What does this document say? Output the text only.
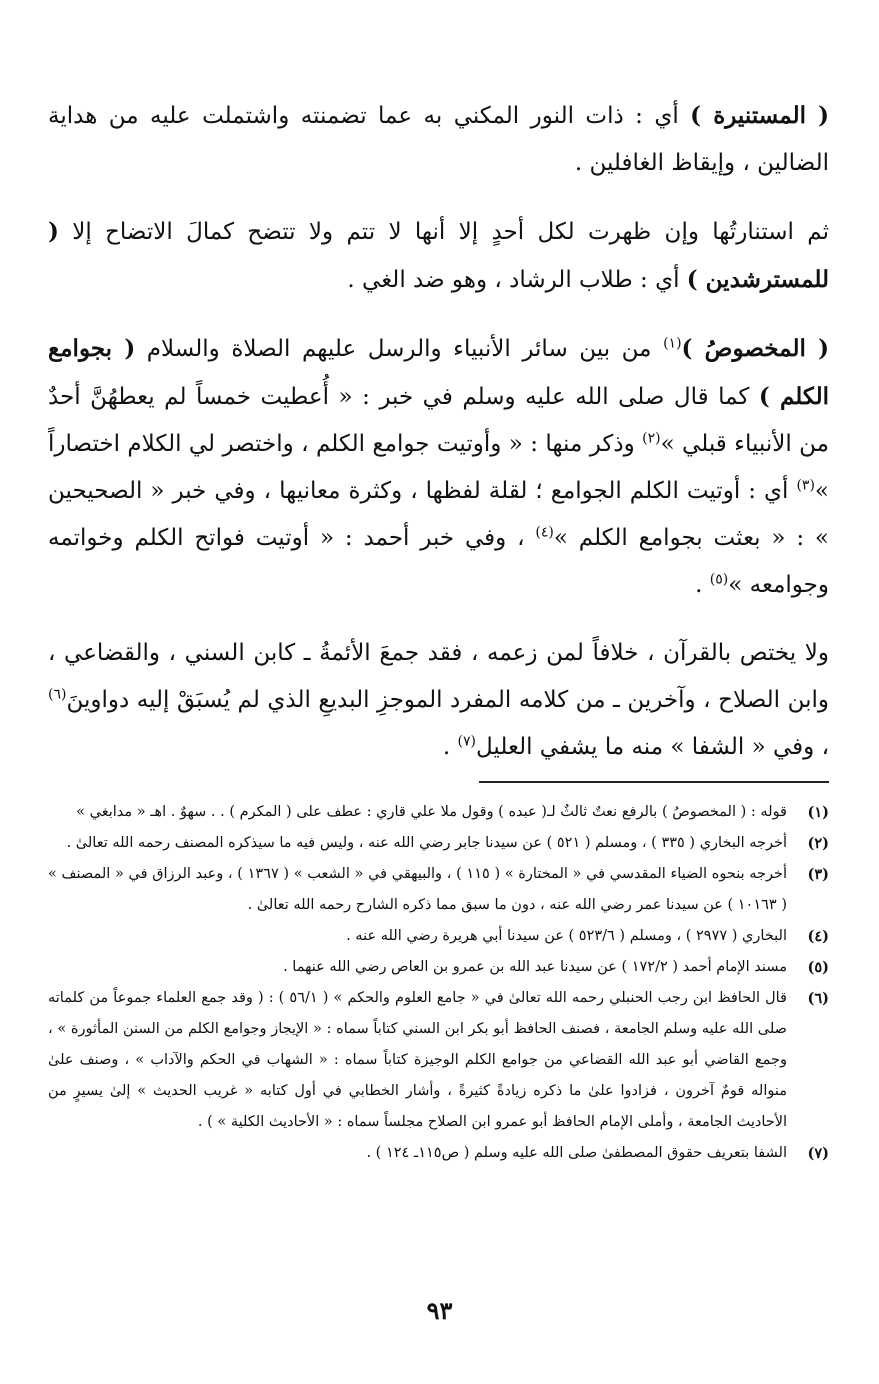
( المستنيرة ) أي : ذات النور المكني به عما تضمنته واشتملت عليه من هداية الضالين ، وإيقاظ الغافلين .

ثم استنارتُها وإن ظهرت لكل أحدٍ إلا أنها لا تتم ولا تتضح كمالَ الاتضاح إلا ( للمسترشدين ) أي : طلاب الرشاد ، وهو ضد الغي .

( المخصوصُ )$^{(١)}$ من بين سائر الأنبياء والرسل عليهم الصلاة والسلام ( بجوامع الكلم ) كما قال صلى الله عليه وسلم في خبر : « أُعطيت خمساً لم يعطهُنَّ أحدٌ من الأنبياء قبلي »$^{(٢)}$ وذكر منها : « وأوتيت جوامع الكلم ، واختصر لي الكلام اختصاراً »$^{(٣)}$ أي : أوتيت الكلم الجوامع ؛ لقلة لفظها ، وكثرة معانيها ، وفي خبر « الصحيحين » : « بعثت بجوامع الكلم »$^{(٤)}$ ، وفي خبر أحمد : « أوتيت فواتح الكلم وخواتمه وجوامعه »$^{(٥)}$ .

ولا يختص بالقرآن ، خلافاً لمن زعمه ، فقد جمعَ الأئمةُ ـ كابن السني ، والقضاعي ، وابن الصلاح ، وآخرين ـ من كلامه المفرد الموجزِ البديعِ الذي لم يُسبَقْ إليه دواوينَ$^{(٦)}$ ، وفي « الشفا » منه ما يشفي العليل$^{(٧)}$ .

(١)
قوله : ( المخصوصُ ) بالرفع نعتٌ ثالثٌ لـ( عبده ) وقول ملا علي قاري : عطف على ( المكرم ) . . سهوٌ . اهـ « مدابغي »
(٢)
أخرجه البخاري ( ٣٣٥ ) ، ومسلم ( ٥٢١ ) عن سيدنا جابر رضي الله عنه ، وليس فيه ما سيذكره المصنف رحمه الله تعالىٰ .
(٣)
أخرجه بنحوه الضياء المقدسي في « المختارة » ( ١١٥ ) ، والبيهقي في « الشعب » ( ١٣٦٧ ) ، وعبد الرزاق في « المصنف » ( ١٠١٦٣ ) عن سيدنا عمر رضي الله عنه ، دون ما سبق مما ذكره الشارح رحمه الله تعالىٰ .
(٤)
البخاري ( ٢٩٧٧ ) ، ومسلم ( ٥٢٣/٦ ) عن سيدنا أبي هريرة رضي الله عنه .
(٥)
مسند الإمام أحمد ( ١٧٢/٢ ) عن سيدنا عبد الله بن عمرو بن العاص رضي الله عنهما .
(٦)
قال الحافظ ابن رجب الحنبلي رحمه الله تعالىٰ في « جامع العلوم والحكم » ( ٥٦/١ ) : ( وقد جمع العلماء جموعاً من كلماته صلى الله عليه وسلم الجامعة ، فصنف الحافظ أبو بكر ابن السني كتاباً سماه : « الإيجاز وجوامع الكلم من السنن المأثورة » ، وجمع القاضي أبو عبد الله القضاعي من جوامع الكلم الوجيزة كتاباً سماه : « الشهاب في الحكم والآداب » ، وصنف علىٰ منواله قومٌ آخرون ، فزادوا علىٰ ما ذكره زيادةً كثيرةً ، وأشار الخطابي في أول كتابه « غريب الحديث » إلىٰ يسيرٍ من الأحاديث الجامعة ، وأملى الإمام الحافظ أبو عمرو ابن الصلاح مجلساً سماه : « الأحاديث الكلية » ) .
(٧)
الشفا بتعريف حقوق المصطفىٰ صلى الله عليه وسلم ( ص١١٥ـ ١٢٤ ) .
٩٣
